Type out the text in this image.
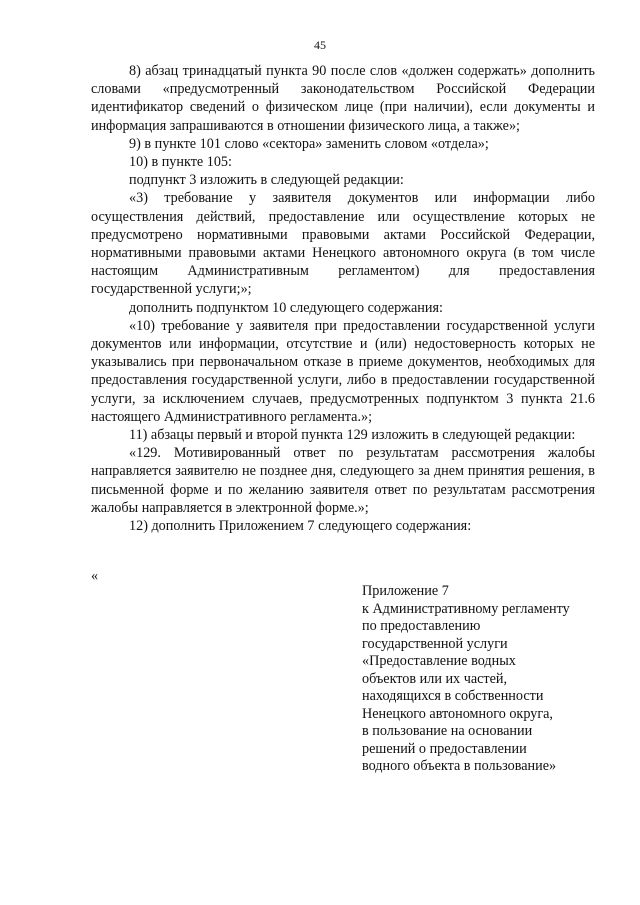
45

8) абзац тринадцатый пункта 90 после слов «должен содержать» дополнить словами «предусмотренный законодательством Российской Федерации идентификатор сведений о физическом лице (при наличии), если документы и информация запрашиваются в отношении физического лица, а также»;

9) в пункте 101 слово «сектора» заменить словом «отдела»;

10) в пункте 105:

подпункт 3 изложить в следующей редакции:

«3) требование у заявителя документов или информации либо осуществления действий, предоставление или осуществление которых не предусмотрено нормативными правовыми актами Российской Федерации, нормативными правовыми актами Ненецкого автономного округа (в том числе настоящим Административным регламентом) для предоставления государственной услуги;»;

дополнить подпунктом 10 следующего содержания:

«10) требование у заявителя при предоставлении государственной услуги документов или информации, отсутствие и (или) недостоверность которых не указывались при первоначальном отказе в приеме документов, необходимых для предоставления государственной услуги, либо в предоставлении государственной услуги, за исключением случаев, предусмотренных подпунктом 3 пункта 21.6 настоящего Административного регламента.»;

11) абзацы первый и второй пункта 129 изложить в следующей редакции:

«129. Мотивированный ответ по результатам рассмотрения жалобы направляется заявителю не позднее дня, следующего за днем принятия решения, в письменной форме и по желанию заявителя ответ по результатам рассмотрения жалобы направляется в электронной форме.»;

12) дополнить Приложением 7 следующего содержания:

«
Приложение 7
к Административному регламенту
по предоставлению
государственной услуги
«Предоставление водных
объектов или их частей,
находящихся в собственности
Ненецкого автономного округа,
в пользование на основании
решений о предоставлении
водного объекта в пользование»
